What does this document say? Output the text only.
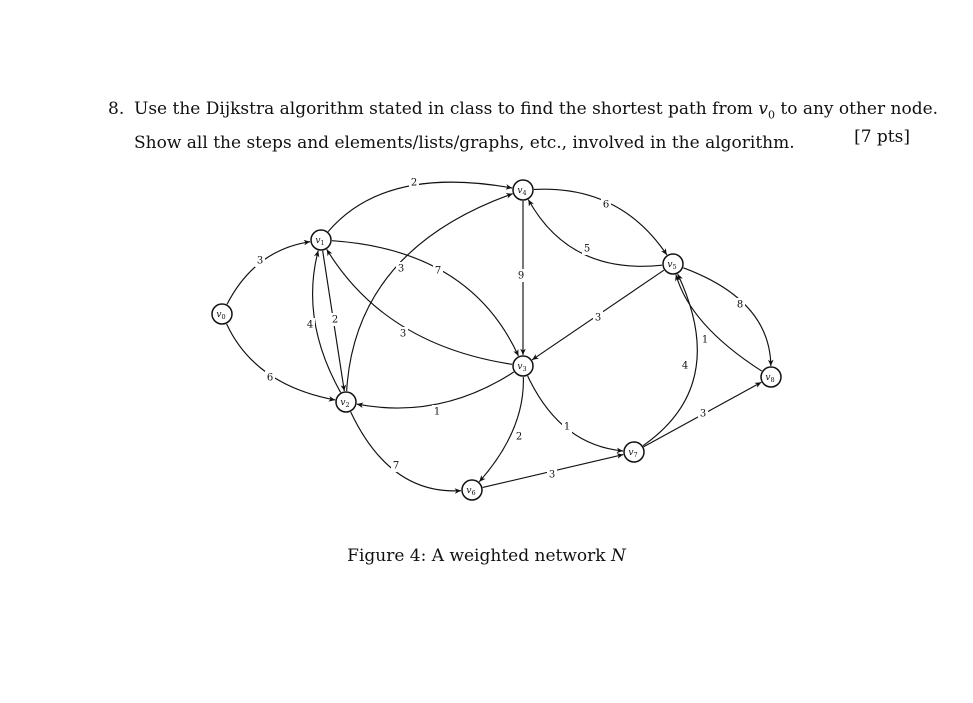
8. Use the Dijkstra algorithm stated in class to find the shortest path from $v_0$ to any other node.
Show all the steps and elements/lists/graphs, etc., involved in the algorithm.	[7 pts]
3
6
2
7
2
4
3
3
1
7
9
6
5
3
8
1
4
2
1
3
3
$v_0$
$v_1$
$v_2$
$v_3$
$v_4$
$v_5$
$v_6$
$v_7$
$v_8$
Figure 4: A weighted network N
